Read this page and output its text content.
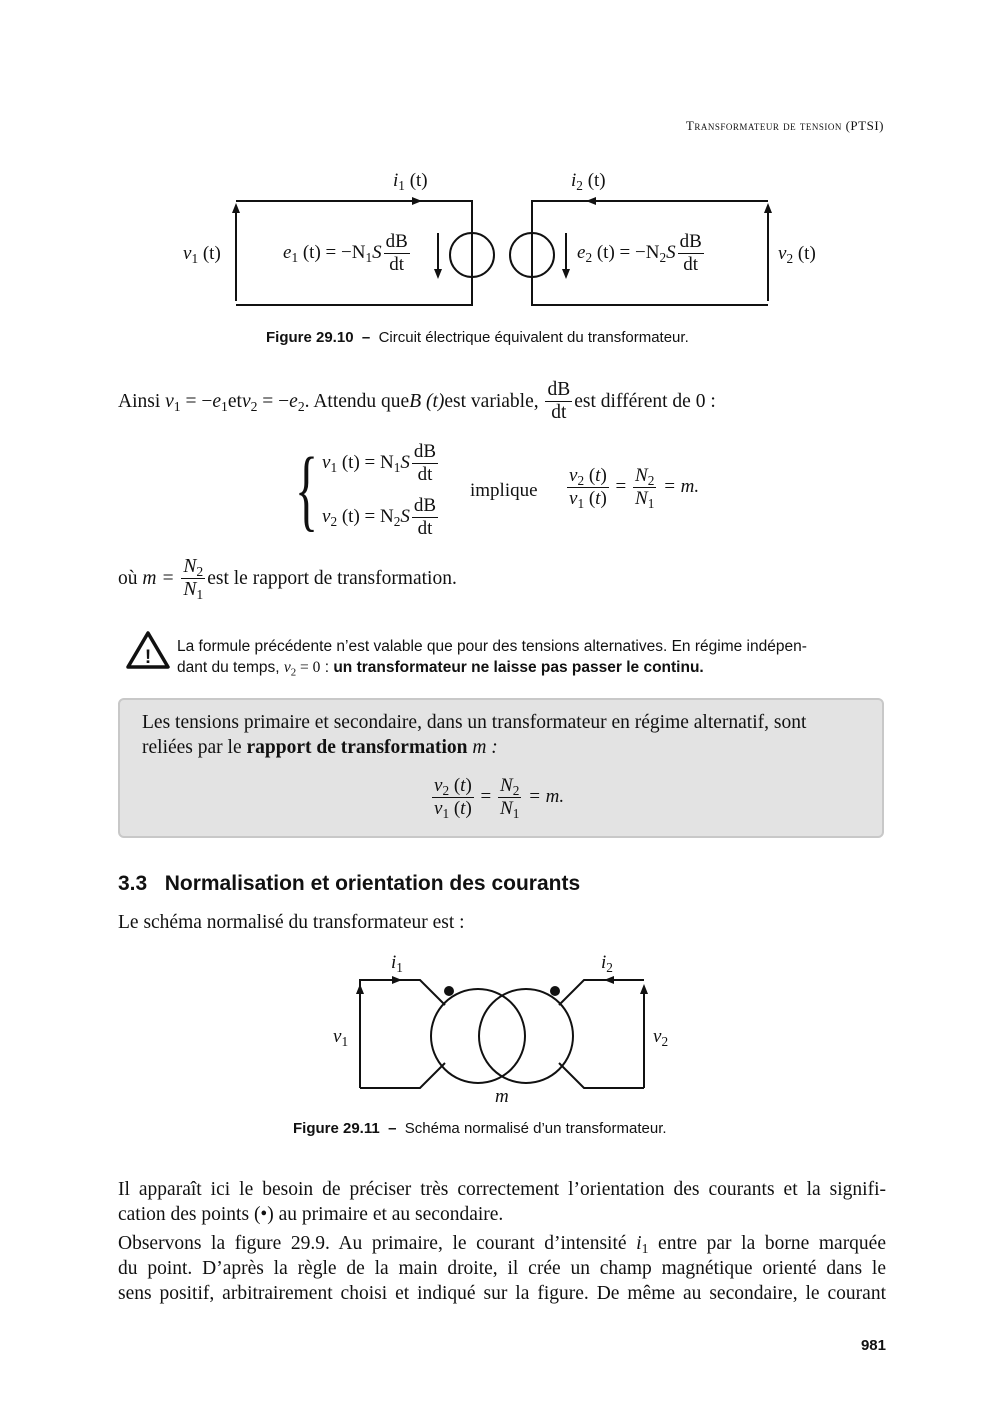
Transformateur de tension (PTSI)
$i_1$ (t)	$i_2$ (t)
$v_1$ (t)	$v_2$ (t)
$e_1$ $(t) = -N_1S \frac{dB}{dt}$	$e_2$ $(t) = -N_2S \frac{dB}{dt}$
Figure 29.10 – Circuit électrique équivalent du transformateur.
Ainsi
$v_1 = -e_1$ et $v_2 = -e_2$ . Attendu que B (t) est variable,
$\frac{dB}{dt}$ est différent de 0 :
{ $v_1$ $(t) = N_1S \frac{dB}{dt}$
$v_2$ $(t) = N_2S \frac{dB}{dt}$
implique $\frac{v_2 (t)}{v_1 (t)} = \frac{N_2}{N_1} = m$.
où
m =
$\frac{N_2}{N_1}$ est le rapport de transformation.
!
La formule précédente n’est valable que pour des tensions alternatives. En régime indépen-
dant du temps, $v_2 = 0$ : un transformateur ne laisse pas passer le continu.
Les tensions primaire et secondaire, dans un transformateur en régime alternatif, sont
reliées par le rapport de transformation m :
$\frac{v_2 (t)}{v_1 (t)} = \frac{N_2}{N_1} = m$.
3.3 Normalisation et orientation des courants
Le schéma normalisé du transformateur est :
$i_1$	$i_2$
$v_1$	$v_2$
m
Figure 29.11 – Schéma normalisé d’un transformateur.
Il apparaît ici le besoin de préciser très correctement l’orientation des courants et la signifi-
cation des points (•) au primaire et au secondaire.
Observons la figure 29.9. Au primaire, le courant d’intensité $i_1$ entre par la borne marquée
du point. D’après la règle de la main droite, il crée un champ magnétique orienté dans le
sens positif, arbitrairement choisi et indiqué sur la figure. De même au secondaire, le courant
981
